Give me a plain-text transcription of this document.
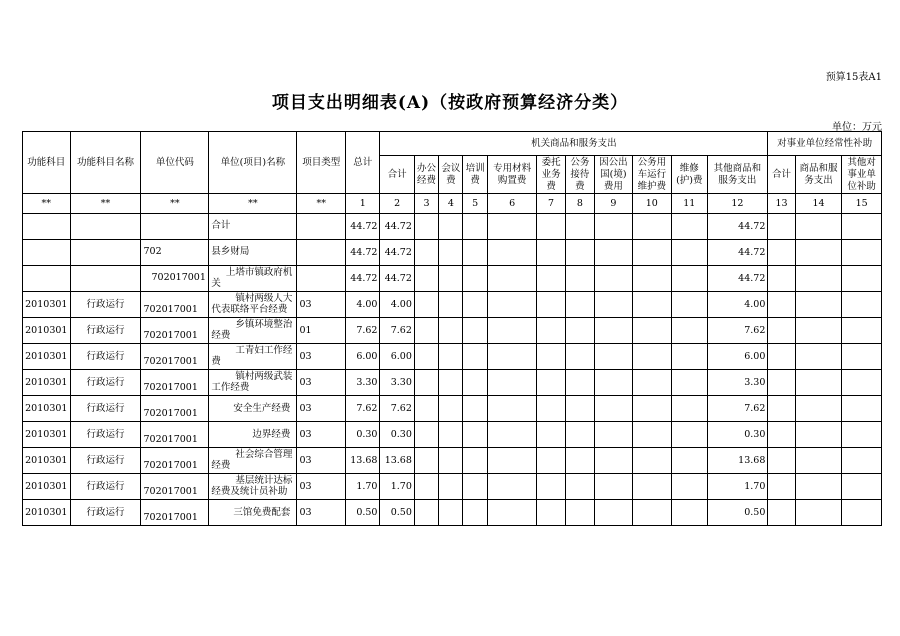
预算15表A1
项目支出明细表(A)（按政府预算经济分类）
单位：万元
功能科目	功能科目名称	单位代码	单位(项目)名称	项目类型	总计	机关商品和服务支出											对事业单位经常性补助		
						合计	办公经费	会议费	培训费	专用材料购置费	委托业务费	公务接待费	因公出国(境)费用	公务用车运行维护费	维修(护)费	其他商品和服务支出	合计	商品和服务支出	其他对事业单位补助
**	**	**	**	**	1	2	3	4	5	6	7	8	9	10	11	12	13	14	15

			合计		44.72	44.72										44.72			

		702	县乡财局		44.72	44.72										44.72			

		702017001	上塔市镇政府机
关		44.72	44.72										44.72			
2010301	行政运行	702017001	镇村两级人大
代表联络平台经费	03	4.00	4.00										4.00			
2010301	行政运行	702017001	乡镇环境整治
经费	01	7.62	7.62										7.62			
2010301	行政运行	702017001	工青妇工作经
费	03	6.00	6.00										6.00			
2010301	行政运行	702017001	镇村两级武装
工作经费	03	3.30	3.30										3.30			
2010301	行政运行	702017001	安全生产经费	03	7.62	7.62										7.62			
2010301	行政运行	702017001	边界经费	03	0.30	0.30										0.30			
2010301	行政运行	702017001	社会综合管理
经费	03	13.68	13.68										13.68			
2010301	行政运行	702017001	基层统计达标
经费及统计员补助	03	1.70	1.70										1.70			
2010301	行政运行	702017001	三馆免费配套	03	0.50	0.50										0.50			
